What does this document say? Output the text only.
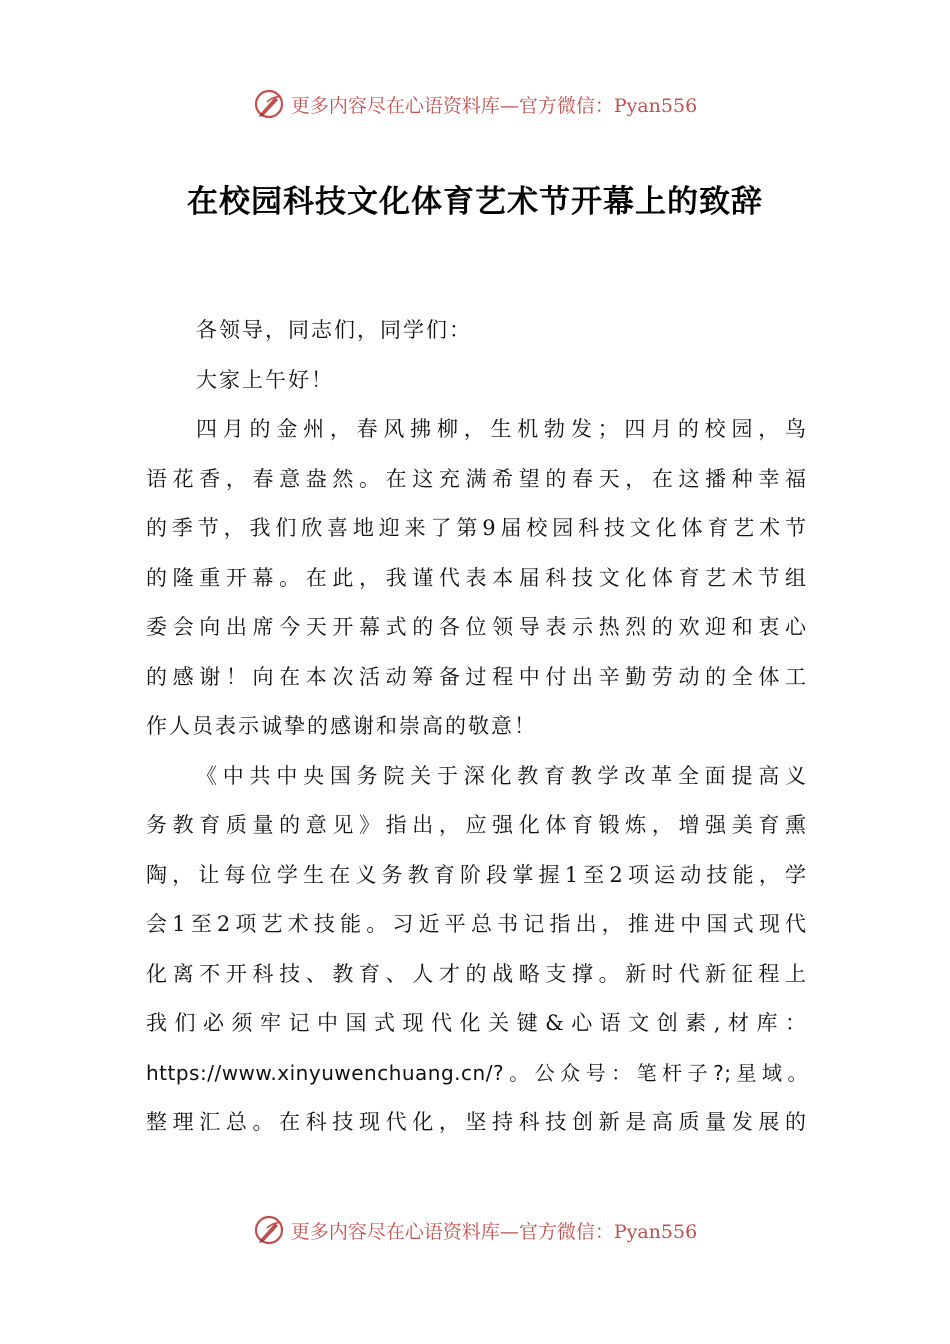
更多内容尽在心语资料库—官方微信：Pyan556
在校园科技文化体育艺术节开幕上的致辞
各领导，同志们，同学们：
大家上午好！
四月的金州，春风拂柳，生机勃发；四月的校园，鸟
语花香，春意盎然。在这充满希望的春天，在这播种幸福
的季节，我们欣喜地迎来了第9届校园科技文化体育艺术节
的隆重开幕。在此，我谨代表本届科技文化体育艺术节组
委会向出席今天开幕式的各位领导表示热烈的欢迎和衷心
的感谢！向在本次活动筹备过程中付出辛勤劳动的全体工
作人员表示诚挚的感谢和崇高的敬意！
《中共中央国务院关于深化教育教学改革全面提高义
务教育质量的意见》指出，应强化体育锻炼，增强美育熏
陶，让每位学生在义务教育阶段掌握1至2项运动技能，学
会1至2项艺术技能。习近平总书记指出，推进中国式现代
化离不开科技、教育、人才的战略支撑。新时代新征程上
我们必须牢记中国式现代化关键&心语文创素,材库：
https://www.xinyuwenchuang.cn/?。公众号：笔杆子?;星域。
整理汇总。在科技现代化，坚持科技创新是高质量发展的
更多内容尽在心语资料库—官方微信：Pyan556
